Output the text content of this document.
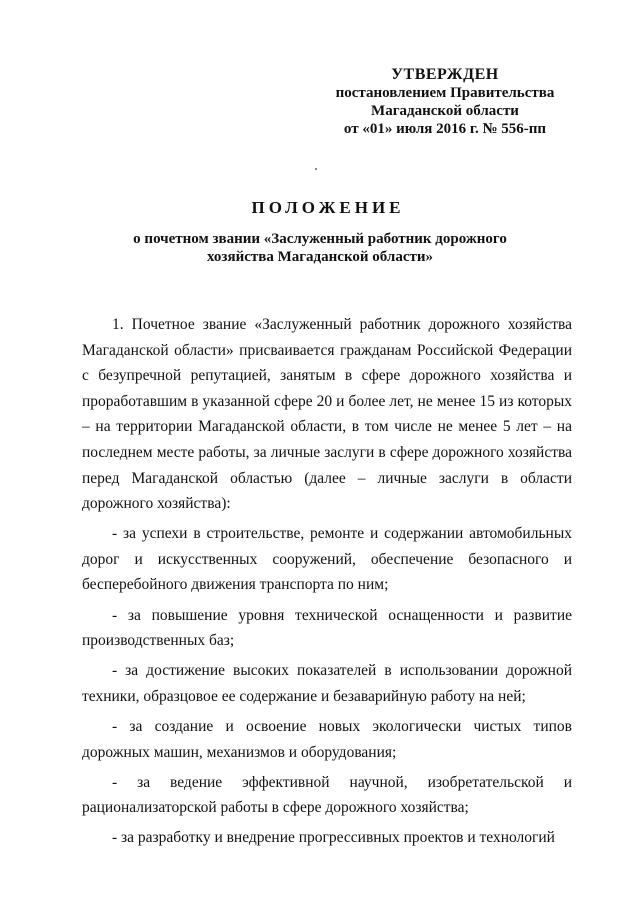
УТВЕРЖДЕН
постановлением Правительства
Магаданской области
от «01» июля 2016 г. № 556-пп
ПОЛОЖЕНИЕ
о почетном звании «Заслуженный работник дорожного
хозяйства Магаданской области»

1. Почетное звание «Заслуженный работник дорожного хозяйства Магаданской области» присваивается гражданам Российской Федерации с безупречной репутацией, занятым в сфере дорожного хозяйства и проработавшим в указанной сфере 20 и более лет, не менее 15 из которых – на территории Магаданской области, в том числе не менее 5 лет – на последнем месте работы, за личные заслуги в сфере дорожного хозяйства перед Магаданской областью (далее – личные заслуги в области дорожного хозяйства):

- за успехи в строительстве, ремонте и содержании автомобильных дорог и искусственных сооружений, обеспечение безопасного и бесперебойного движения транспорта по ним;

- за повышение уровня технической оснащенности и развитие производственных баз;

- за достижение высоких показателей в использовании дорожной техники, образцовое ее содержание и безаварийную работу на ней;

- за создание и освоение новых экологически чистых типов дорожных машин, механизмов и оборудования;

- за ведение эффективной научной, изобретательской и рационализаторской работы в сфере дорожного хозяйства;

- за разработку и внедрение прогрессивных проектов и технологий
